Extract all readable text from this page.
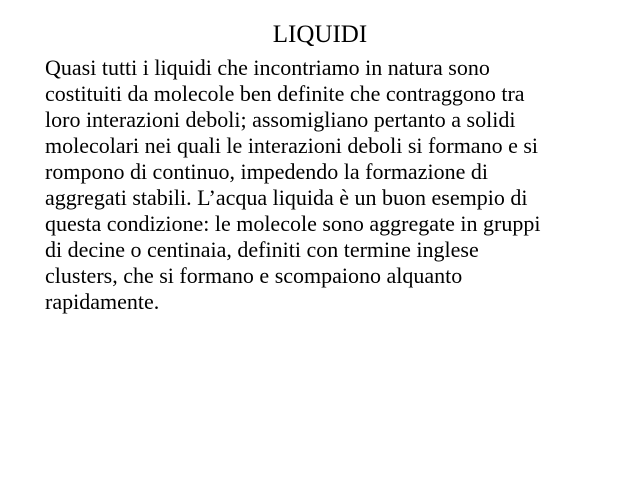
LIQUIDI
Quasi tutti i liquidi che incontriamo in natura sono
costituiti da molecole ben definite che contraggono tra
loro interazioni deboli; assomigliano pertanto a solidi
molecolari nei quali le interazioni deboli si formano e si
rompono di continuo, impedendo la formazione di
aggregati stabili. L’acqua liquida è un buon esempio di
questa condizione: le molecole sono aggregate in gruppi
di decine o centinaia, definiti con termine inglese
clusters, che si formano e scompaiono alquanto
rapidamente.
